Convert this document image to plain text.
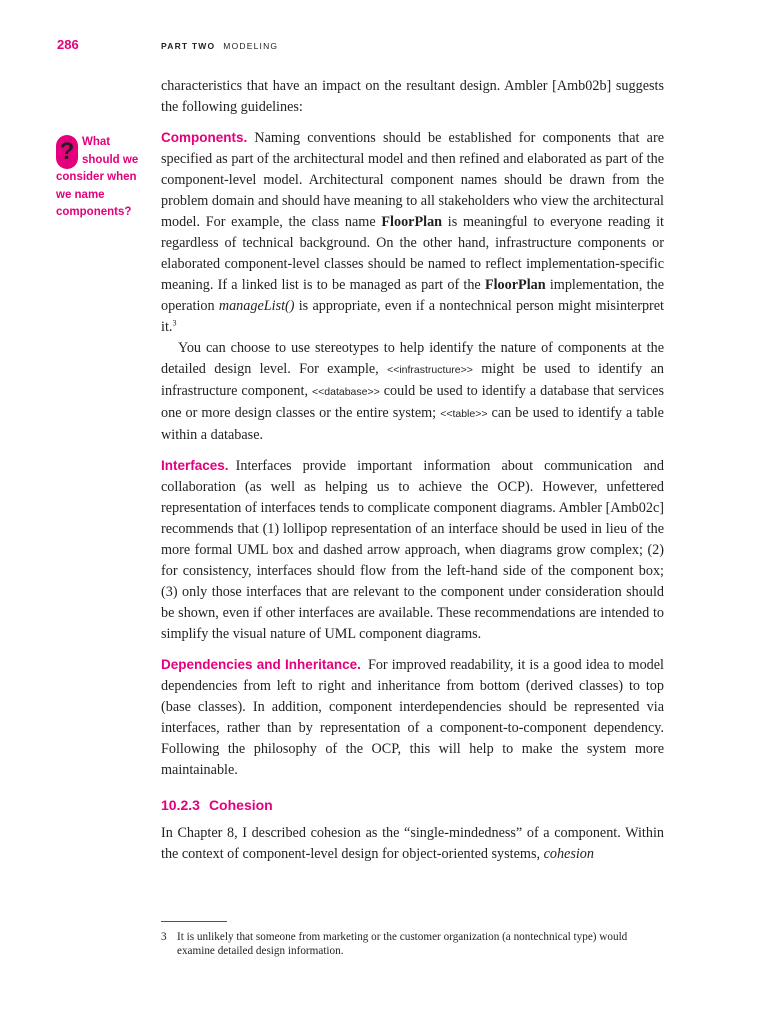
286	PART TWO MODELING
? What should we consider when we name components?

characteristics that have an impact on the resultant design. Ambler [Amb02b] suggests the following guidelines:

Components.  Naming conventions should be established for components that are specified as part of the architectural model and then refined and elaborated as part of the component-level model. Architectural component names should be drawn from the problem domain and should have meaning to all stakeholders who view the architectural model. For example, the class name FloorPlan is meaningful to everyone reading it regardless of technical background. On the other hand, infrastructure components or elaborated component-level classes should be named to reflect implementation-specific meaning. If a linked list is to be managed as part of the FloorPlan implementation, the operation manageList() is appropriate, even if a nontechnical person might misinterpret it.$^3$

You can choose to use stereotypes to help identify the nature of components at the detailed design level. For example, <<infrastructure>> might be used to identify an infrastructure component, <<database>> could be used to identify a database that services one or more design classes or the entire system; <<table>> can be used to identify a table within a database.

Interfaces.  Interfaces provide important information about communication and collaboration (as well as helping us to achieve the OCP). However, unfettered representation of interfaces tends to complicate component diagrams. Ambler [Amb02c] recommends that (1) lollipop representation of an interface should be used in lieu of the more formal UML box and dashed arrow approach, when diagrams grow complex; (2) for consistency, interfaces should flow from the left-hand side of the component box; (3) only those interfaces that are relevant to the component under consideration should be shown, even if other interfaces are available. These recommendations are intended to simplify the visual nature of UML component diagrams.

Dependencies and Inheritance.  For improved readability, it is a good idea to model dependencies from left to right and inheritance from bottom (derived classes) to top (base classes). In addition, component interdependencies should be represented via interfaces, rather than by representation of a component-to-component dependency. Following the philosophy of the OCP, this will help to make the system more maintainable.

10.2.3 Cohesion

In Chapter 8, I described cohesion as the “single-mindedness” of a component. Within the context of component-level design for object-oriented systems, cohesion

3 It is unlikely that someone from marketing or the customer organization (a nontechnical type) would examine detailed design information.
